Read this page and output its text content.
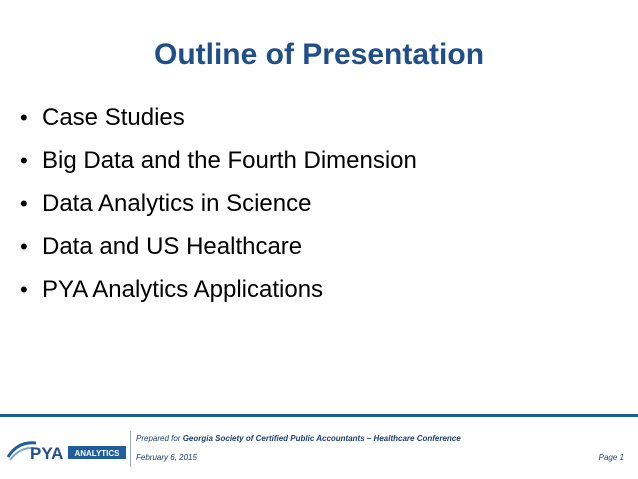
Outline of Presentation
• Case Studies
• Big Data and the Fourth Dimension
• Data Analytics in Science
• Data and US Healthcare
• PYA Analytics Applications
PYA ANALYTICS
Prepared for Georgia Society of Certified Public Accountants – Healthcare Conference
February 6, 2015	Page 1
